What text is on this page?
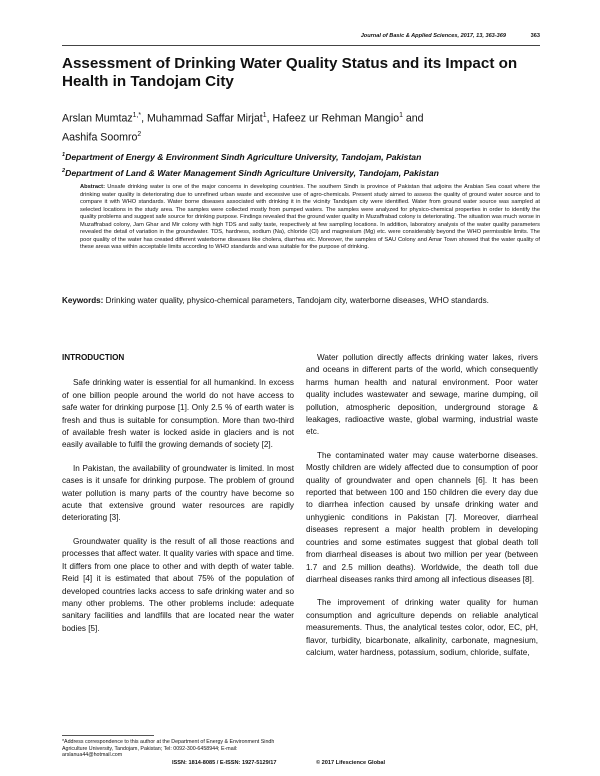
Journal of Basic & Applied Sciences, 2017, 13, 363-369	363
Assessment of Drinking Water Quality Status and its Impact on Health in Tandojam City
Arslan Mumtaz$^{1,*}$, Muhammad Saffar Mirjat$^1$, Hafeez ur Rehman Mangio$^1$ and
Aashifa Soomro$^2$
$^1$Department of Energy & Environment Sindh Agriculture University, Tandojam, Pakistan
$^2$Department of Land & Water Management Sindh Agriculture University, Tandojam, Pakistan
Abstract: Unsafe drinking water is one of the major concerns in developing countries. The southern Sindh is province of Pakistan that adjoins the Arabian Sea coast where the drinking water quality is deteriorating due to unrefined urban waste and excessive use of agro-chemicals. Present study aimed to assess the quality of ground water source and to compare it with WHO standards. Water borne diseases associated with drinking it in the vicinity Tandojam city were identified. Water from ground water source was sampled at selected locations in the study area. The samples were collected mostly from pumped waters. The samples were analyzed for physico-chemical properties in order to identify the quality problems and suggest safe source for drinking purpose. Findings revealed that the ground water quality in Muzaffrabad colony is deteriorating. The situation was much worse in Muzaffrabad colony, Jam Ghar and Mir colony with high TDS and salty taste, respectively at few sampling locations. In addition, laboratory analysis of the water quality parameters revealed the detail of variation in the groundwater. TDS, hardness, sodium (Na), chloride (Cl) and magnesium (Mg) etc. were considerably beyond the WHO permissible limits. The poor quality of the water has created different waterborne diseases like cholera, diarrhea etc. Moreover, the samples of SAU Colony and Amar Town showed that the water quality of these areas was within acceptable limits according to WHO standards and was suitable for the purpose of drinking.
Keywords: Drinking water quality, physico-chemical parameters, Tandojam city, waterborne diseases, WHO standards.
INTRODUCTION

Safe drinking water is essential for all humankind. In excess of one billion people around the world do not have access to safe water for drinking purpose [1]. Only 2.5 % of earth water is fresh and thus is suitable for consumption. More than two-third of available fresh water is locked aside in glaciers and is not easily available to fulfil the growing demands of society [2].

In Pakistan, the availability of groundwater is limited. In most cases is it unsafe for drinking purpose. The problem of ground water pollution is many parts of the country have become so acute that extensive ground water resources are rapidly deteriorating [3].

Groundwater quality is the result of all those reactions and processes that affect water. It quality varies with space and time. It differs from one place to other and with depth of water table. Reid [4] it is estimated that about 75% of the population of developed countries lacks access to safe drinking water and so many other problems. The other problems include: adequate sanitary facilities and landfills that are located near the water bodies [5].

Water pollution directly affects drinking water lakes, rivers and oceans in different parts of the world, which consequently harms human health and natural environment. Poor water quality includes wastewater and sewage, marine dumping, oil pollution, atmospheric deposition, underground storage & leakages, radioactive waste, global warming, industrial waste etc.

The contaminated water may cause waterborne diseases. Mostly children are widely affected due to consumption of poor quality of groundwater and open channels [6]. It has been reported that between 100 and 150 children die every day due to diarrhea infection caused by unsafe drinking water and unhygienic conditions in Pakistan [7]. Moreover, diarrheal diseases represent a major health problem in developing countries and some estimates suggest that global death toll from diarrheal diseases is about two million per year (between 1.7 and 2.5 million deaths). Worldwide, the death toll due diarrheal diseases ranks third among all infectious diseases [8].

The improvement of drinking water quality for human consumption and agriculture depends on reliable analytical measurements. Thus, the analytical testes color, odor, EC, pH, flavor, turbidity, bicarbonate, alkalinity, carbonate, magnesium, calcium, water hardness, potassium, sodium, chloride, sulfate,

*Address correspondence to this author at the Department of Energy & Environment Sindh Agriculture University, Tandojam, Pakistan; Tel: 0092-300-6458944; E-mail: arslanua44@hotmail.com
ISSN: 1814-8085 / E-ISSN: 1927-5129/17	© 2017 Lifescience Global
